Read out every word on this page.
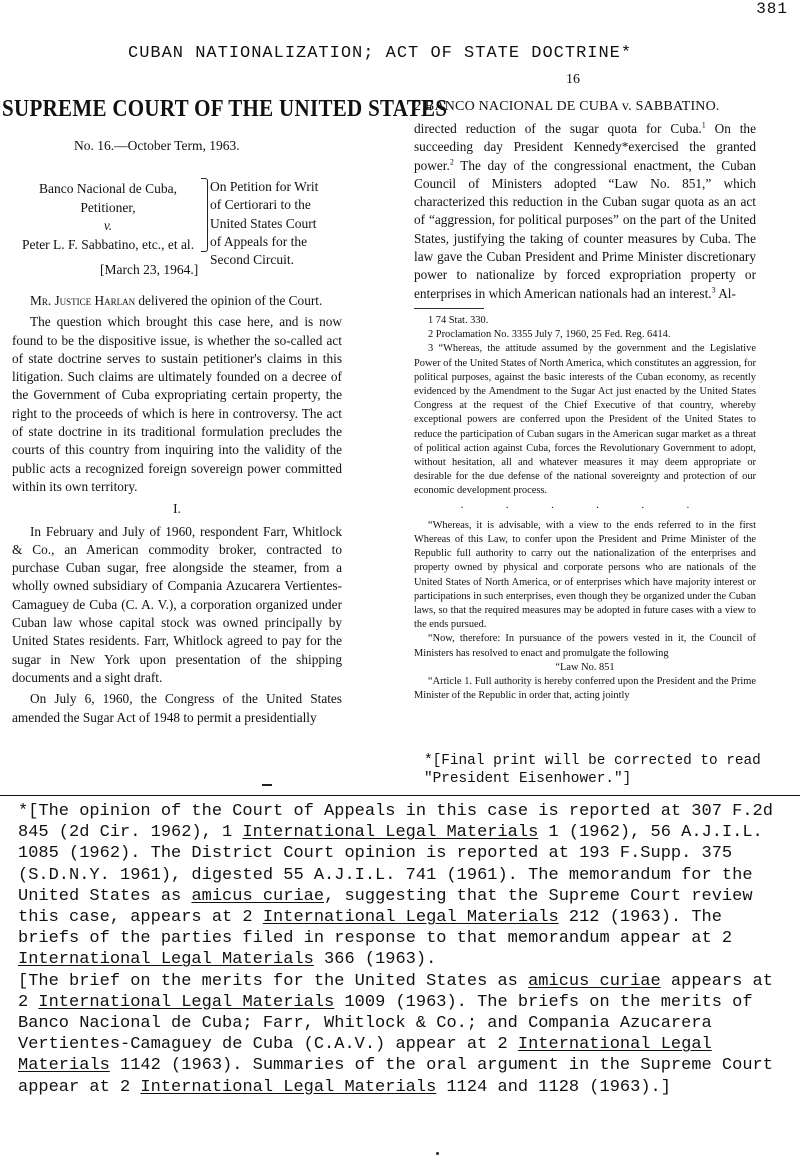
381
CUBAN NATIONALIZATION; ACT OF STATE DOCTRINE*
16
SUPREME COURT OF THE UNITED STATES
No. 16.—October Term, 1963.
Banco Nacional de Cuba,
Petitioner,
v.
Peter L. F. Sabbatino, etc., et al.
On Petition for Writ
of Certiorari to the
United States Court
of Appeals for the
Second Circuit.
[March 23, 1964.]

Mr. Justice Harlan delivered the opinion of the Court.

The question which brought this case here, and is now found to be the dispositive issue, is whether the so-called act of state doctrine serves to sustain petitioner's claims in this litigation. Such claims are ultimately founded on a decree of the Government of Cuba expropriating certain property, the right to the proceeds of which is here in controversy. The act of state doctrine in its traditional formulation precludes the courts of this country from inquiring into the validity of the public acts a recognized foreign sovereign power committed within its own territory.

I.

In February and July of 1960, respondent Farr, Whitlock & Co., an American commodity broker, contracted to purchase Cuban sugar, free alongside the steamer, from a wholly owned subsidiary of Compania Azucarera Vertientes-Camaguey de Cuba (C. A. V.), a corporation organized under Cuban law whose capital stock was owned principally by United States residents. Farr, Whitlock agreed to pay for the sugar in New York upon presentation of the shipping documents and a sight draft.

On July 6, 1960, the Congress of the United States amended the Sugar Act of 1948 to permit a presidentially

2 BANCO NACIONAL DE CUBA v. SABBATINO.
directed reduction of the sugar quota for Cuba.$^1$ On the succeeding day President Kennedy*exercised the granted power.$^2$ The day of the congressional enactment, the Cuban Council of Ministers adopted “Law No. 851,” which characterized this reduction in the Cuban sugar quota as an act of “aggression, for political purposes” on the part of the United States, justifying the taking of counter measures by Cuba. The law gave the Cuban President and Prime Minister discretionary power to nationalize by forced expropriation property or enterprises in which American nationals had an interest.$^3$ Al-

1 74 Stat. 330.

2 Proclamation No. 3355 July 7, 1960, 25 Fed. Reg. 6414.

3 “Whereas, the attitude assumed by the government and the Legislative Power of the United States of North America, which constitutes an aggression, for political purposes, against the basic interests of the Cuban economy, as recently evidenced by the Amendment to the Sugar Act just enacted by the United States Congress at the request of the Chief Executive of that country, whereby exceptional powers are conferred upon the President of the United States to reduce the participation of Cuban sugars in the American sugar market as a threat of political action against Cuba, forces the Revolutionary Government to adopt, without hesitation, all and whatever measures it may deem appropriate or desirable for the due defense of the national sovereignty and protection of our economic development process.

. . . . . .

“Whereas, it is advisable, with a view to the ends referred to in the first Whereas of this Law, to confer upon the President and Prime Minister of the Republic full authority to carry out the nationalization of the enterprises and property owned by physical and corporate persons who are nationals of the United States of North America, or of enterprises which have majority interest or participations in such enterprises, even though they be organized under the Cuban laws, so that the required measures may be adopted in future cases with a view to the ends pursued.

“Now, therefore: In pursuance of the powers vested in it, the Council of Ministers has resolved to enact and promulgate the following

“Law No. 851

“Article 1. Full authority is hereby conferred upon the President and the Prime Minister of the Republic in order that, acting jointly

*[Final print will be corrected to read "President Eisenhower."]

*[The opinion of the Court of Appeals in this case is reported at 307 F.2d 845 (2d Cir. 1962), 1 International Legal Materials 1 (1962), 56 A.J.I.L. 1085 (1962). The District Court opinion is reported at 193 F.Supp. 375 (S.D.N.Y. 1961), digested 55 A.J.I.L. 741 (1961). The memorandum for the United States as amicus curiae, suggesting that the Supreme Court review this case, appears at 2 International Legal Materials 212 (1963). The briefs of the parties filed in response to that memorandum appear at 2 International Legal Materials 366 (1963).

[The brief on the merits for the United States as amicus curiae appears at 2 International Legal Materials 1009 (1963). The briefs on the merits of Banco Nacional de Cuba; Farr, Whitlock & Co.; and Compania Azucarera Vertientes-Camaguey de Cuba (C.A.V.) appear at 2 International Legal Materials 1142 (1963). Summaries of the oral argument in the Supreme Court appear at 2 International Legal Materials 1124 and 1128 (1963).]
